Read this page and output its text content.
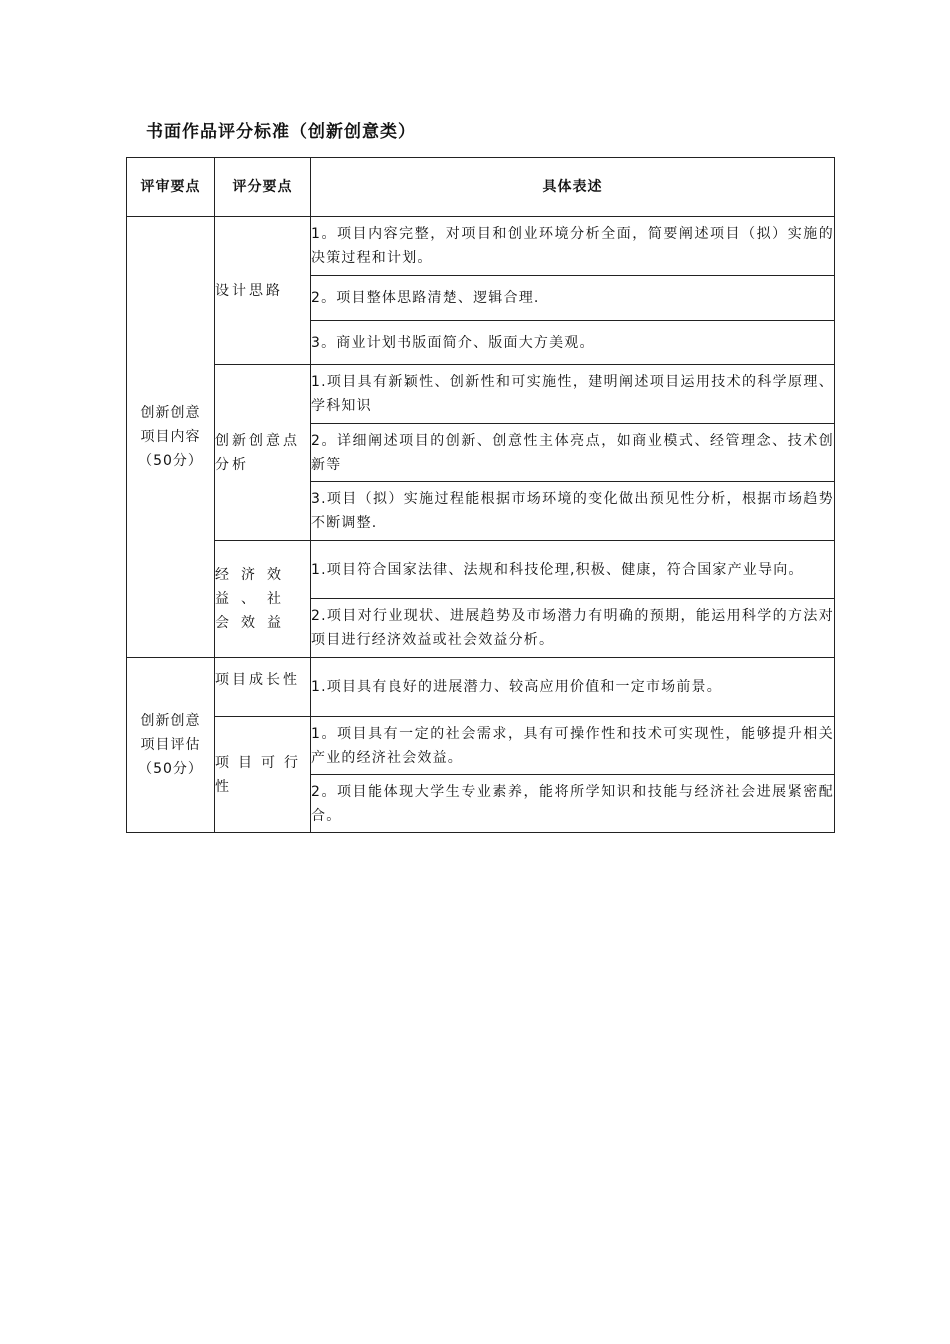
书面作品评分标准（创新创意类）
评审要点	评分要点	具体表述

创新创意
项目内容
（50分）	设计思路	1。项目内容完整，对项目和创业环境分析全面，简要阐述项目（拟）实施的决策过程和计划。
		2。项目整体思路清楚、逻辑合理.
		3。商业计划书版面简介、版面大方美观。
	创新创意点分析	1.项目具有新颖性、创新性和可实施性，建明阐述项目运用技术的科学原理、学科知识
		2。详细阐述项目的创新、创意性主体亮点，如商业模式、经管理念、技术创新等
		3.项目（拟）实施过程能根据市场环境的变化做出预见性分析，根据市场趋势不断调整.
	经济效益、社会效益	1.项目符合国家法律、法规和科技伦理,积极、健康，符合国家产业导向。
		2.项目对行业现状、进展趋势及市场潜力有明确的预期，能运用科学的方法对项目进行经济效益或社会效益分析。

创新创意
项目评估
（50分）	项目成长性	1.项目具有良好的进展潜力、较高应用价值和一定市场前景。
	项目可行性	1。项目具有一定的社会需求，具有可操作性和技术可实现性，能够提升相关产业的经济社会效益。
		2。项目能体现大学生专业素养，能将所学知识和技能与经济社会进展紧密配合。
